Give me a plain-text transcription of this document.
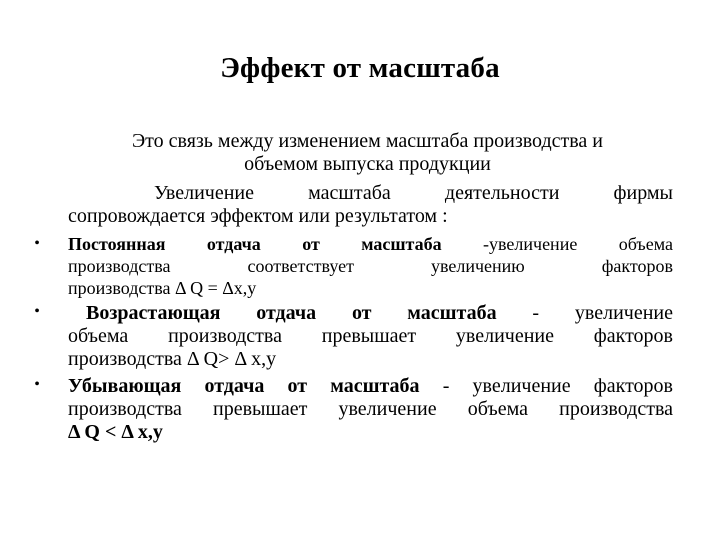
Эффект от масштаба
Это связь между изменением масштаба производства и
объемом выпуска продукции
Увеличение масштаба деятельности фирмы
сопровождается эффектом или результатом :
• Постоянная отдача от масштаба -увеличение объема
производства соответствует увеличению факторов
производства Δ Q = Δx,y
•	Возрастающая отдача от масштаба - увеличение
объема производства превышает увеличение факторов
производства Δ Q> Δ x,y
• Убывающая отдача от масштаба - увеличение факторов
производства превышает увеличение объема производства
Δ Q < Δ x,y
